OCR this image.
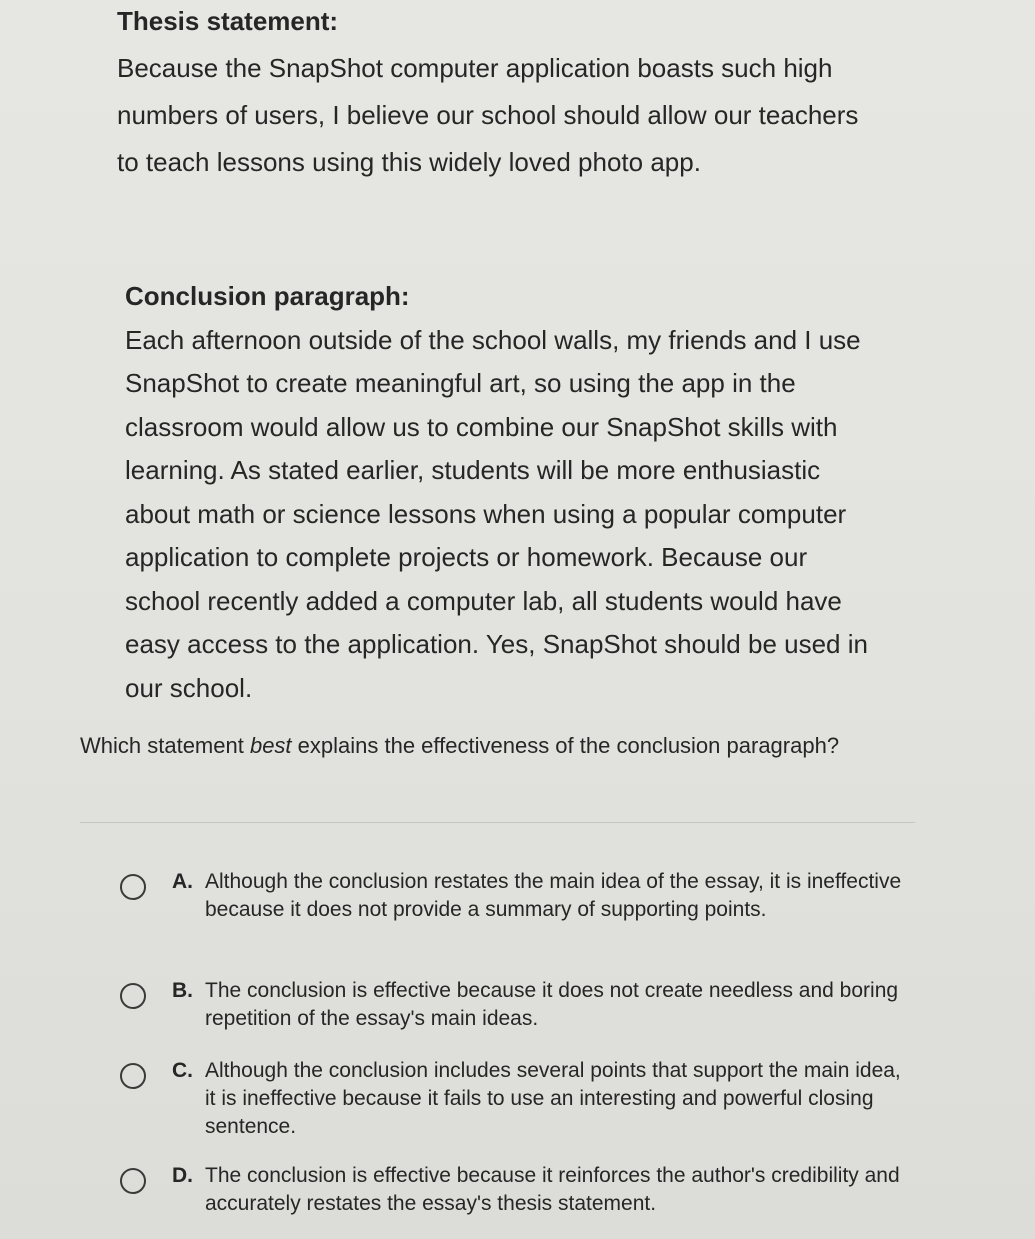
Thesis statement:
Because the SnapShot computer application boasts such high numbers of users, I believe our school should allow our teachers to teach lessons using this widely loved photo app.
Conclusion paragraph:
Each afternoon outside of the school walls, my friends and I use SnapShot to create meaningful art, so using the app in the classroom would allow us to combine our SnapShot skills with learning. As stated earlier, students will be more enthusiastic about math or science lessons when using a popular computer application to complete projects or homework. Because our school recently added a computer lab, all students would have easy access to the application. Yes, SnapShot should be used in our school.
Which statement best explains the effectiveness of the conclusion paragraph?
A. Although the conclusion restates the main idea of the essay, it is ineffective because it does not provide a summary of supporting points.
B. The conclusion is effective because it does not create needless and boring repetition of the essay's main ideas.
C. Although the conclusion includes several points that support the main idea, it is ineffective because it fails to use an interesting and powerful closing sentence.
D. The conclusion is effective because it reinforces the author's credibility and accurately restates the essay's thesis statement.
